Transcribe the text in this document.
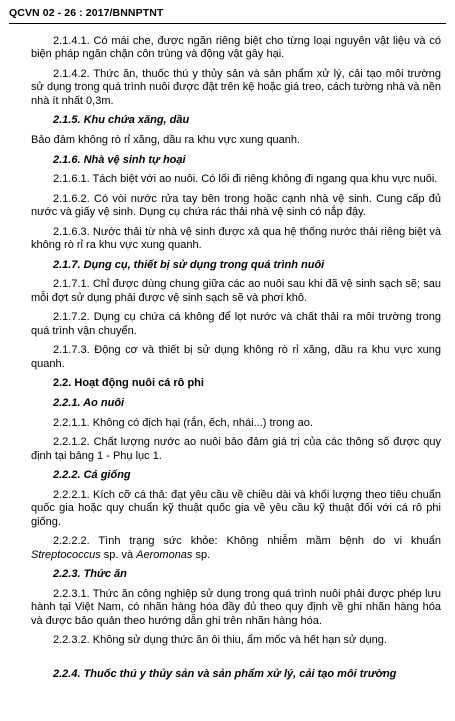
QCVN 02 - 26 : 2017/BNNPTNT

2.1.4.1. Có mái che, được ngăn riêng biệt cho từng loại nguyên vật liệu và có biện pháp ngăn chặn côn trùng và động vật gây hại.

2.1.4.2. Thức ăn, thuốc thú y thủy sản và sản phẩm xử lý, cải tạo môi trường sử dụng trong quá trình nuôi được đặt trên kệ hoặc giá treo, cách tường nhà và nền nhà ít nhất 0,3m.

2.1.5. Khu chứa xăng, dầu

Bảo đảm không rò rỉ xăng, dầu ra khu vực xung quanh.

2.1.6. Nhà vệ sinh tự hoại

2.1.6.1. Tách biệt với ao nuôi. Có lối đi riêng không đi ngang qua khu vực nuôi.

2.1.6.2. Có vòi nước rửa tay bên trong hoặc cạnh nhà vệ sinh. Cung cấp đủ nước và giấy vệ sinh. Dụng cụ chứa rác thải nhà vệ sinh có nắp đậy.

2.1.6.3. Nước thải từ nhà vệ sinh được xả qua hệ thống nước thải riêng biệt và không rò rỉ ra khu vực xung quanh.

2.1.7. Dụng cụ, thiết bị sử dụng trong quá trình nuôi

2.1.7.1. Chỉ được dùng chung giữa các ao nuôi sau khi đã vệ sinh sạch sẽ; sau mỗi đợt sử dụng phải được vệ sinh sạch sẽ và phơi khô.

2.1.7.2. Dụng cụ chứa cá không để lọt nước và chất thải ra môi trường trong quá trình vận chuyển.

2.1.7.3. Động cơ và thiết bị sử dụng không rò rỉ xăng, dầu ra khu vực xung quanh.

2.2. Hoạt động nuôi cá rô phi

2.2.1. Ao nuôi

2.2.1.1. Không có địch hại (rắn, ếch, nhái...) trong ao.

2.2.1.2. Chất lượng nước ao nuôi bảo đảm giá trị của các thông số được quy định tại bảng 1 - Phụ lục 1.

2.2.2. Cá giống

2.2.2.1. Kích cỡ cá thả: đạt yêu cầu về chiều dài và khối lượng theo tiêu chuẩn quốc gia hoặc quy chuẩn kỹ thuật quốc gia về yêu cầu kỹ thuật đối với cá rô phi giống.

2.2.2.2. Tình trạng sức khỏe: Không nhiễm mầm bệnh do vi khuẩn Streptococcus sp. và Aeromonas sp.

2.2.3. Thức ăn

2.2.3.1. Thức ăn công nghiệp sử dụng trong quá trình nuôi phải được phép lưu hành tại Việt Nam, có nhãn hàng hóa đầy đủ theo quy định về ghi nhãn hàng hóa và được bảo quản theo hướng dẫn ghi trên nhãn hàng hóa.

2.2.3.2. Không sử dụng thức ăn ôi thiu, ẩm mốc và hết hạn sử dụng.

2.2.4. Thuốc thú y thủy sản và sản phẩm xử lý, cải tạo môi trường
